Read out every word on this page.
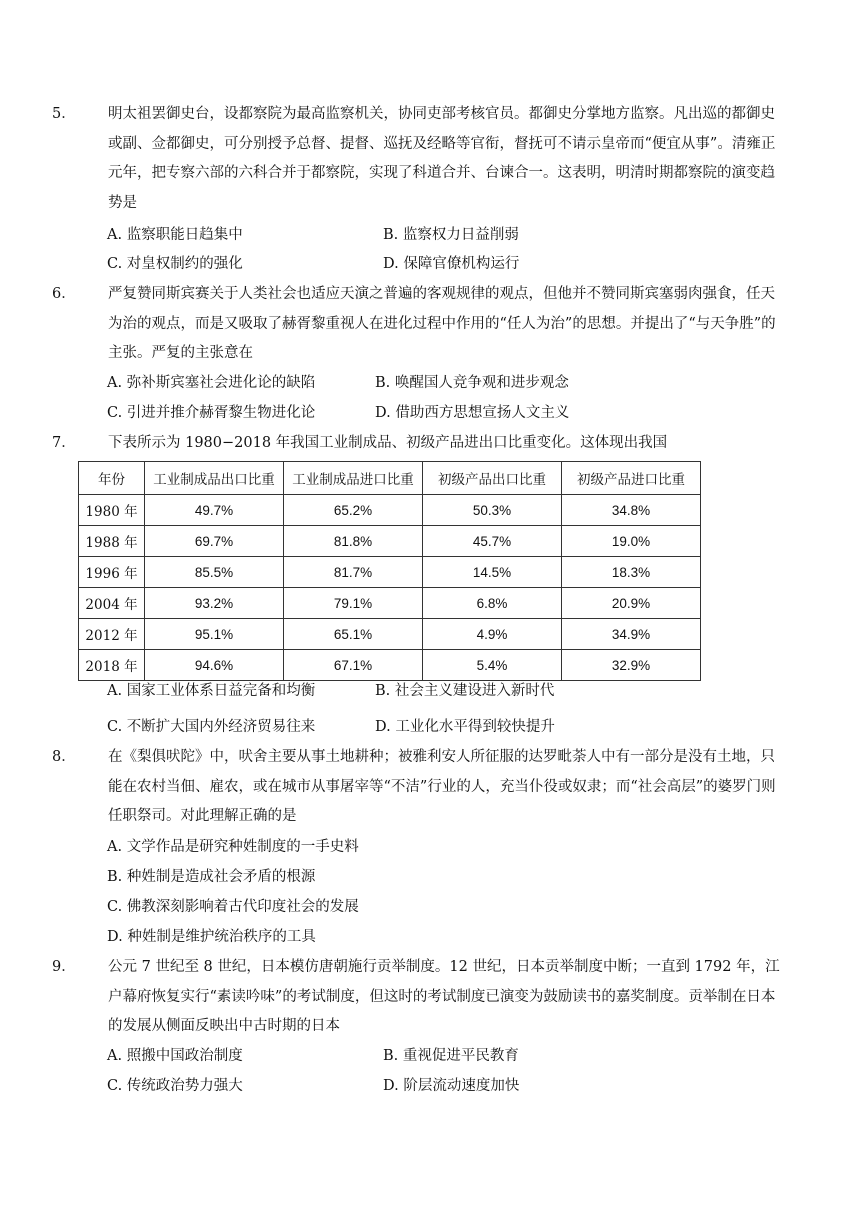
5． 明太祖罢御史台，设都察院为最高监察机关，协同吏部考核官员。都御史分掌地方监察。凡出巡的都御史或副、佥都御史，可分别授予总督、提督、巡抚及经略等官衔，督抚可不请示皇帝而“便宜从事”。清雍正元年，把专察六部的六科合并于都察院，实现了科道合并、台谏合一。这表明，明清时期都察院的演变趋势是
A. 监察职能日趋集中	B. 监察权力日益削弱
C. 对皇权制约的强化	D. 保障官僚机构运行
6． 严复赞同斯宾赛关于人类社会也适应天演之普遍的客观规律的观点，但他并不赞同斯宾塞弱肉强食，任天为治的观点，而是又吸取了赫胥黎重视人在进化过程中作用的“任人为治”的思想。并提出了“与天争胜”的主张。严复的主张意在
A. 弥补斯宾塞社会进化论的缺陷	B. 唤醒国人竞争观和进步观念
C. 引进并推介赫胥黎生物进化论	D. 借助西方思想宣扬人文主义
7． 下表所示为 1980−2018 年我国工业制成品、初级产品进出口比重变化。这体现出我国
年份	工业制成品出口比重	工业制成品进口比重	初级产品出口比重	初级产品进口比重
1980 年	49.7%	65.2%	50.3%	34.8%
1988 年	69.7%	81.8%	45.7%	19.0%
1996 年	85.5%	81.7%	14.5%	18.3%
2004 年	93.2%	79.1%	6.8%	20.9%
2012 年	95.1%	65.1%	4.9%	34.9%
2018 年	94.6%	67.1%	5.4%	32.9%
A. 国家工业体系日益完备和均衡	B. 社会主义建设进入新时代
C. 不断扩大国内外经济贸易往来	D. 工业化水平得到较快提升
8． 在《梨俱吠陀》中，吠舍主要从事土地耕种；被雅利安人所征服的达罗毗荼人中有一部分是没有土地，只能在农村当佃、雇农，或在城市从事屠宰等“不洁”行业的人，充当仆役或奴隶；而“社会高层”的婆罗门则任职祭司。对此理解正确的是
A. 文学作品是研究种姓制度的一手史料
B. 种姓制是造成社会矛盾的根源
C. 佛教深刻影响着古代印度社会的发展
D. 种姓制是维护统治秩序的工具
9． 公元 7 世纪至 8 世纪，日本模仿唐朝施行贡举制度。12 世纪，日本贡举制度中断；一直到 1792 年，江户幕府恢复实行“素读吟味”的考试制度，但这时的考试制度已演变为鼓励读书的嘉奖制度。贡举制在日本的发展从侧面反映出中古时期的日本
A. 照搬中国政治制度	B. 重视促进平民教育
C. 传统政治势力强大	D. 阶层流动速度加快
